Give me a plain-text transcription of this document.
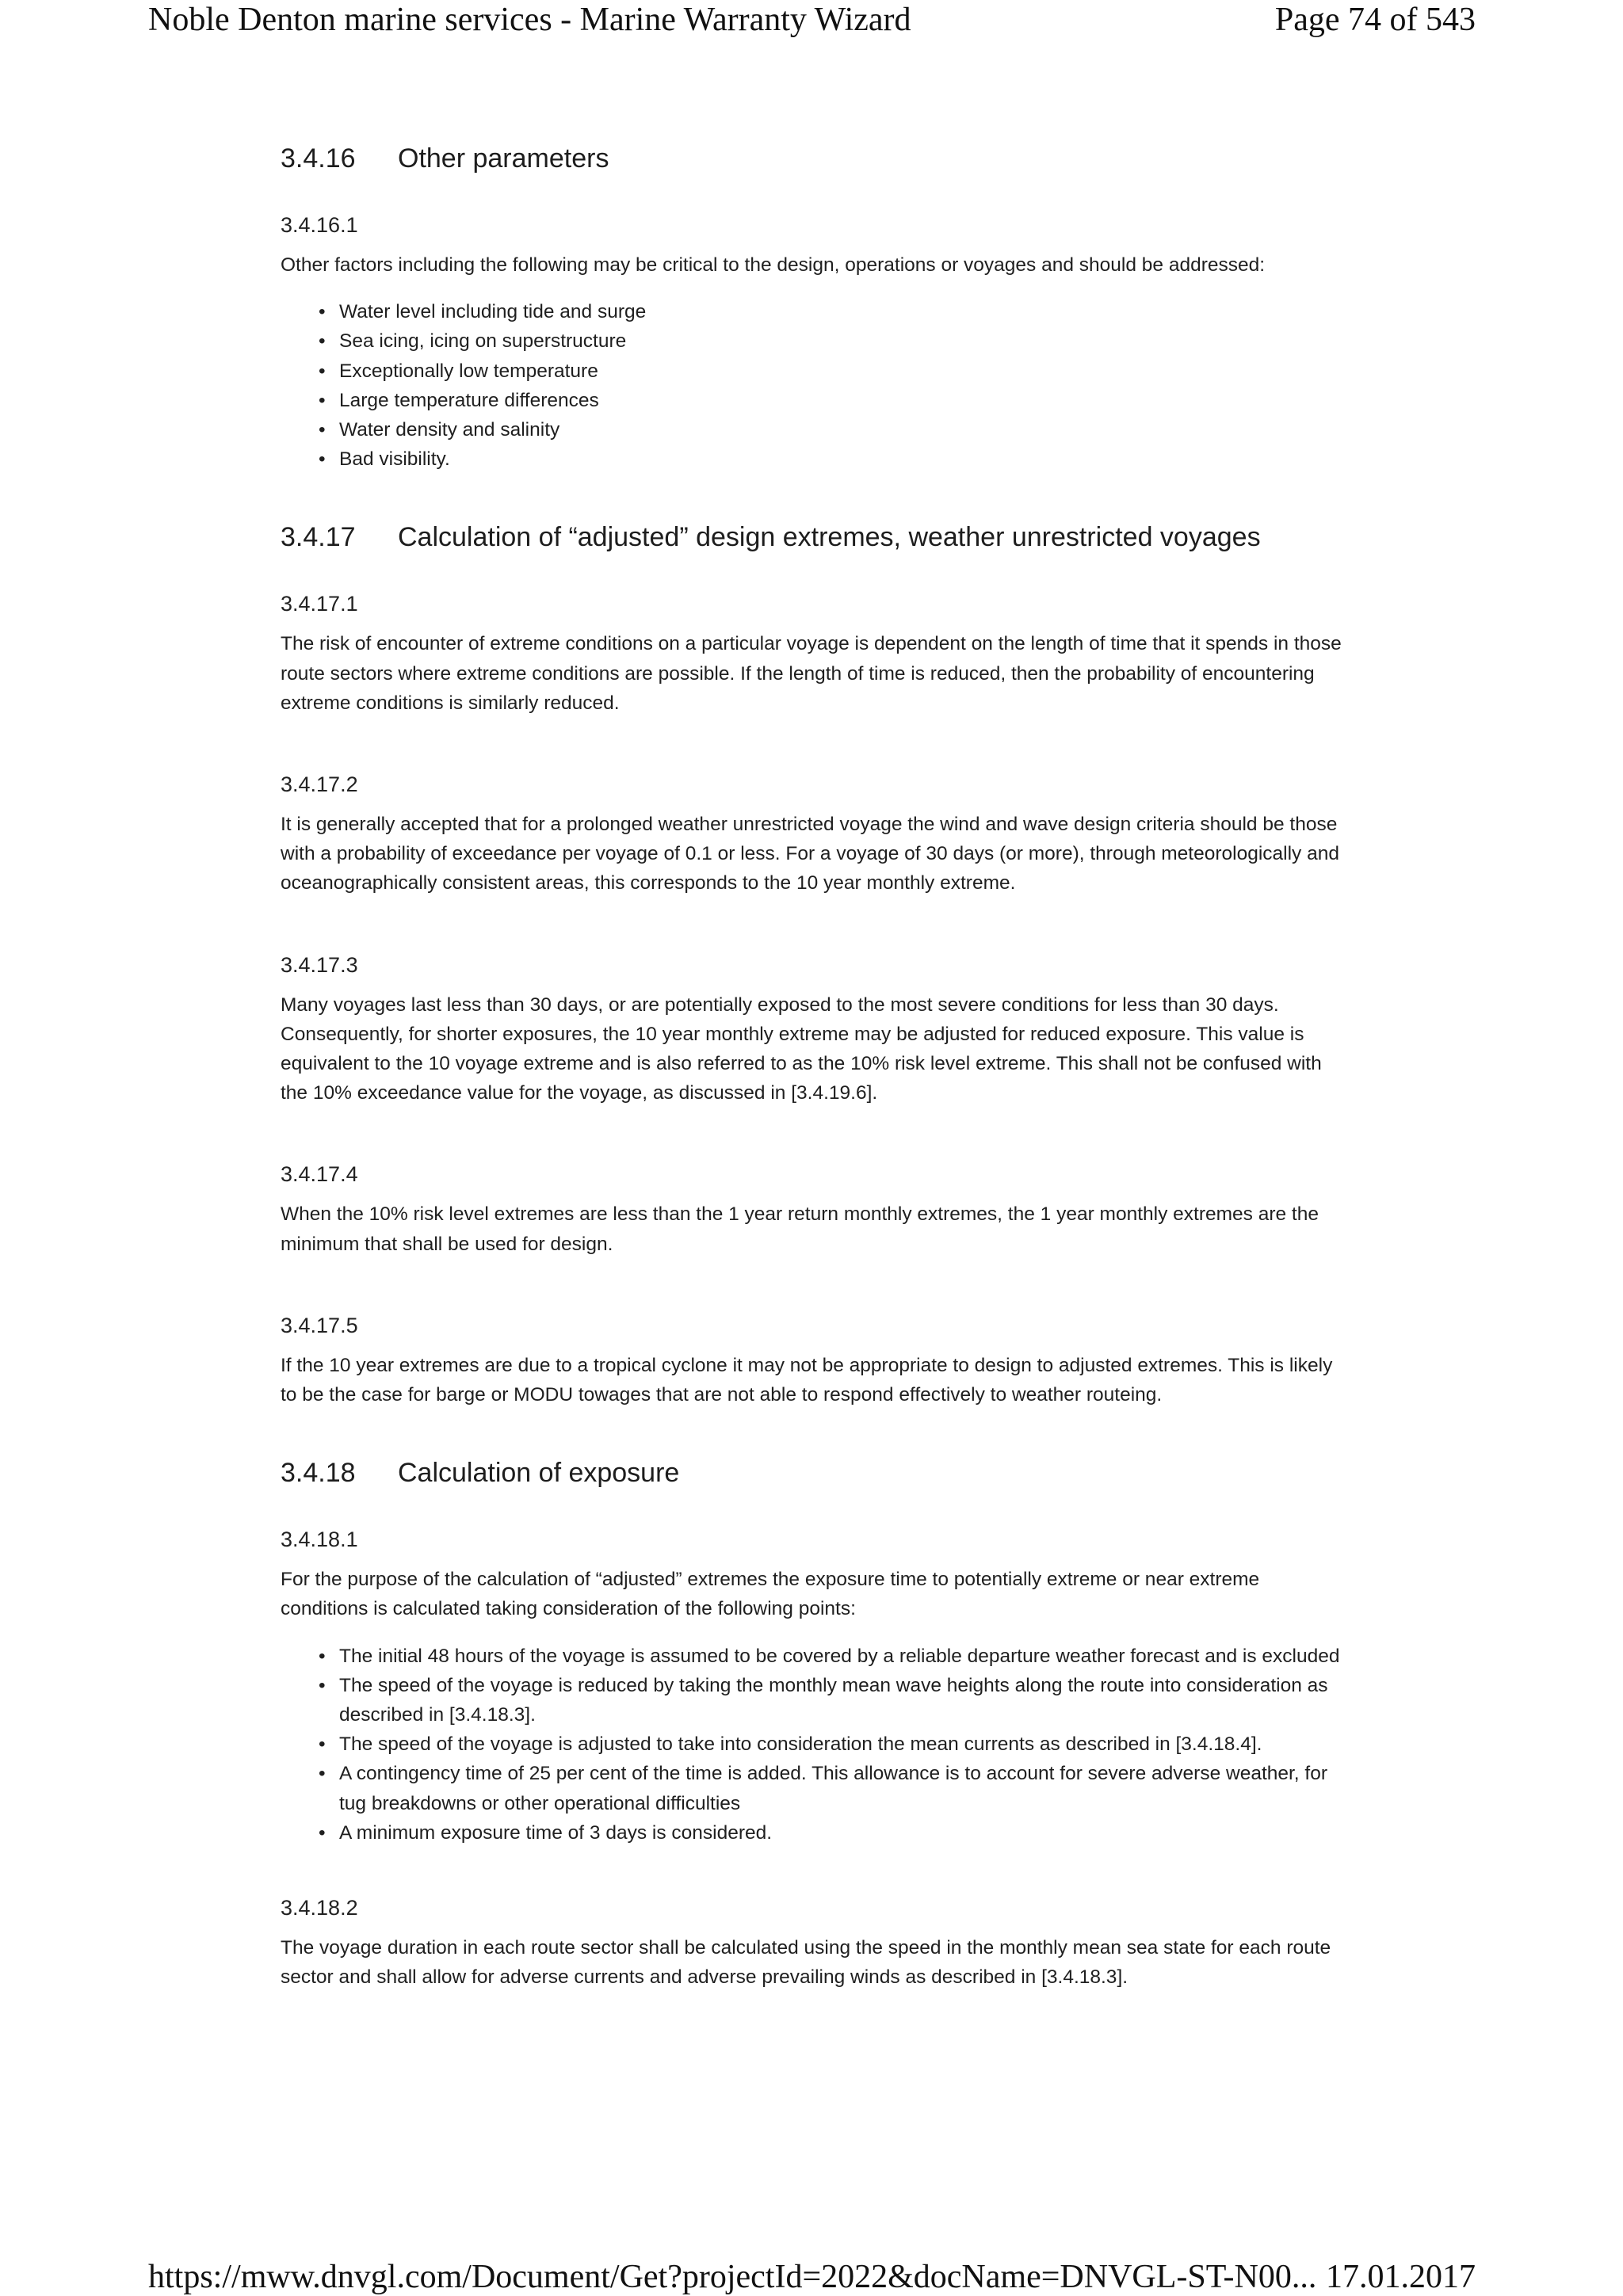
Noble Denton marine services - Marine Warranty Wizard	Page 74 of 543
3.4.16	Other parameters
3.4.16.1

Other factors including the following may be critical to the design, operations or voyages and should be addressed:

• Water level including tide and surge
• Sea icing, icing on superstructure
• Exceptionally low temperature
• Large temperature differences
• Water density and salinity
• Bad visibility.
3.4.17	Calculation of “adjusted” design extremes, weather unrestricted voyages
3.4.17.1

The risk of encounter of extreme conditions on a particular voyage is dependent on the length of time that it spends in those route sectors where extreme conditions are possible. If the length of time is reduced, then the probability of encountering extreme conditions is similarly reduced.

3.4.17.2

It is generally accepted that for a prolonged weather unrestricted voyage the wind and wave design criteria should be those with a probability of exceedance per voyage of 0.1 or less. For a voyage of 30 days (or more), through meteorologically and oceanographically consistent areas, this corresponds to the 10 year monthly extreme.

3.4.17.3

Many voyages last less than 30 days, or are potentially exposed to the most severe conditions for less than 30 days. Consequently, for shorter exposures, the 10 year monthly extreme may be adjusted for reduced exposure. This value is equivalent to the 10 voyage extreme and is also referred to as the 10% risk level extreme. This shall not be confused with the 10% exceedance value for the voyage, as discussed in [3.4.19.6].

3.4.17.4

When the 10% risk level extremes are less than the 1 year return monthly extremes, the 1 year monthly extremes are the minimum that shall be used for design.

3.4.17.5

If the 10 year extremes are due to a tropical cyclone it may not be appropriate to design to adjusted extremes. This is likely to be the case for barge or MODU towages that are not able to respond effectively to weather routeing.

3.4.18	Calculation of exposure
3.4.18.1

For the purpose of the calculation of “adjusted” extremes the exposure time to potentially extreme or near extreme conditions is calculated taking consideration of the following points:

• The initial 48 hours of the voyage is assumed to be covered by a reliable departure weather forecast and is excluded
• The speed of the voyage is reduced by taking the monthly mean wave heights along the route into consideration as described in [3.4.18.3].
• The speed of the voyage is adjusted to take into consideration the mean currents as described in [3.4.18.4].
• A contingency time of 25 per cent of the time is added. This allowance is to account for severe adverse weather, for tug breakdowns or other operational difficulties
• A minimum exposure time of 3 days is considered.
3.4.18.2

The voyage duration in each route sector shall be calculated using the speed in the monthly mean sea state for each route sector and shall allow for adverse currents and adverse prevailing winds as described in [3.4.18.3].

https://mww.dnvgl.com/Document/Get?projectId=2022&docName=DNVGL-ST-N00... 17.01.2017
